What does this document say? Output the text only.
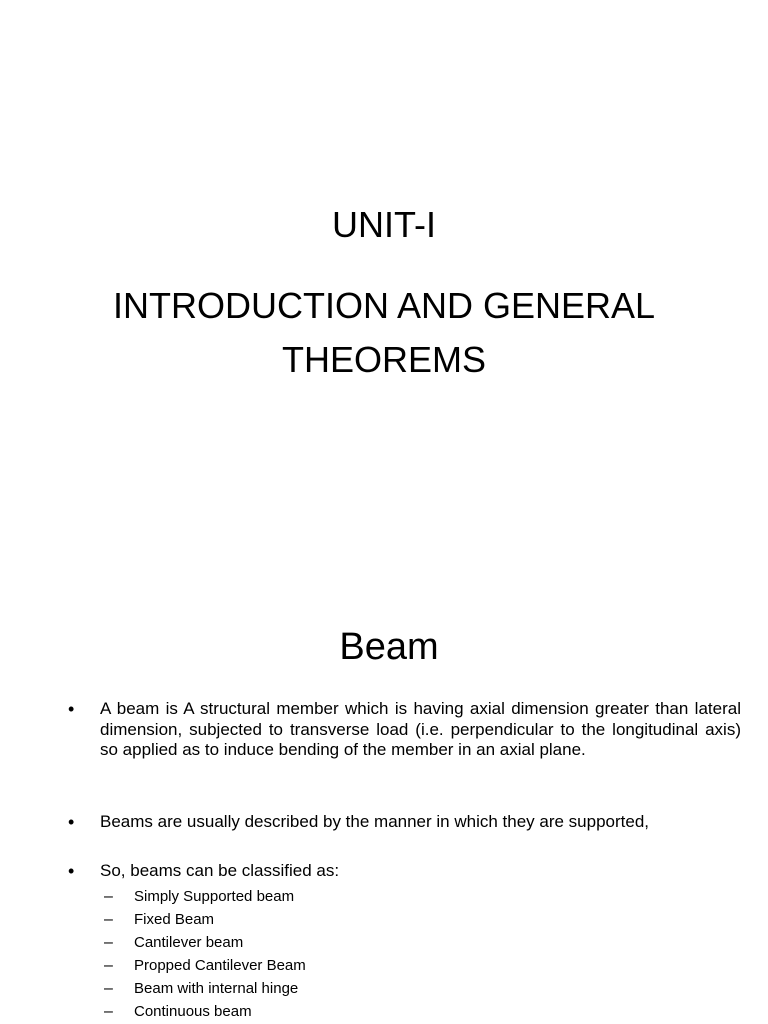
UNIT-I
INTRODUCTION AND GENERAL THEOREMS
Beam
• A beam is A structural member which is having axial dimension greater than lateral dimension, subjected to transverse load (i.e. perpendicular to the longitudinal axis) so applied as to induce bending of the member in an axial plane.
• Beams are usually described by the manner in which they are supported,
• So, beams can be classified as:
– Simply Supported beam
– Fixed Beam
– Cantilever beam
– Propped Cantilever Beam
– Beam with internal hinge
– Continuous beam
